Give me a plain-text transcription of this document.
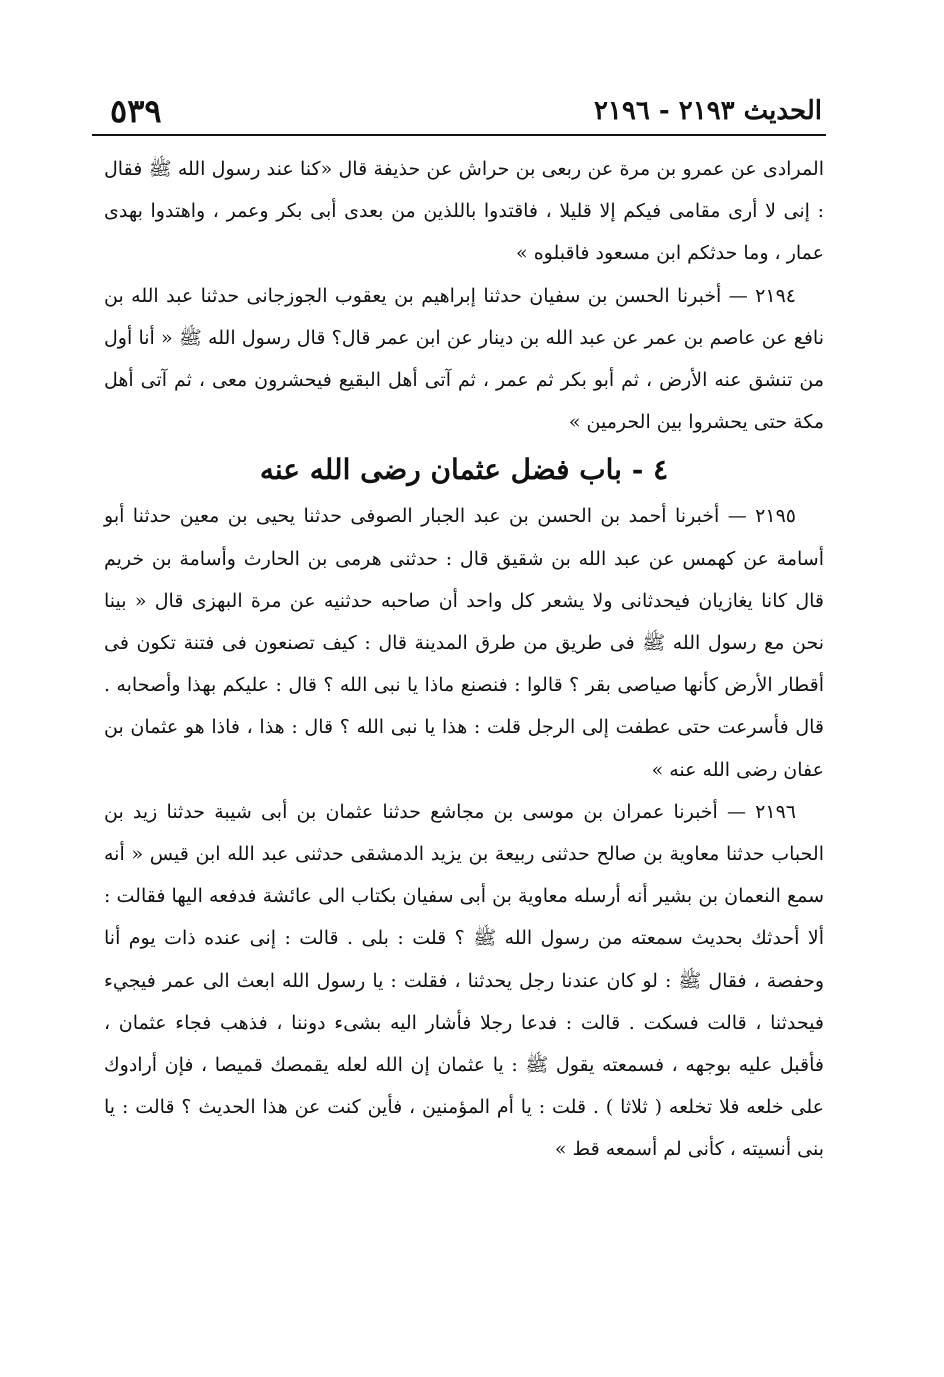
الحديث ٢١٩٣ - ٢١٩٦
٥٣٩

المرادى عن عمرو بن مرة عن ربعى بن حراش عن حذيفة قال «كنا عند رسول الله ﷺ فقال : إنى لا أرى مقامى فيكم إلا قليلا ، فاقتدوا باللذين من بعدى أبى بكر وعمر ، واهتدوا بهدى عمار ، وما حدثكم ابن مسعود فاقبلوه »

٢١٩٤ — أخبرنا الحسن بن سفيان حدثنا إبراهيم بن يعقوب الجوزجانى حدثنا عبد الله بن نافع عن عاصم بن عمر عن عبد الله بن دينار عن ابن عمر قال؟ قال رسول الله ﷺ « أنا أول من تنشق عنه الأرض ، ثم أبو بكر ثم عمر ، ثم آتى أهل البقيع فيحشرون معى ، ثم آتى أهل مكة حتى يحشروا بين الحرمين »

٤ - باب فضل عثمان رضى الله عنه

٢١٩٥ — أخبرنا أحمد بن الحسن بن عبد الجبار الصوفى حدثنا يحيى بن معين حدثنا أبو أسامة عن كهمس عن عبد الله بن شقيق قال : حدثنى هرمى بن الحارث وأسامة بن خريم قال كانا يغازيان فيحدثانى ولا يشعر كل واحد أن صاحبه حدثنيه عن مرة البهزى قال « بينا نحن مع رسول الله ﷺ فى طريق من طرق المدينة قال : كيف تصنعون فى فتنة تكون فى أقطار الأرض كأنها صياصى بقر ؟ قالوا : فنصنع ماذا يا نبى الله ؟ قال : عليكم بهذا وأصحابه . قال فأسرعت حتى عطفت إلى الرجل قلت : هذا يا نبى الله ؟ قال : هذا ، فاذا هو عثمان بن عفان رضى الله عنه »

٢١٩٦ — أخبرنا عمران بن موسى بن مجاشع حدثنا عثمان بن أبى شيبة حدثنا زيد بن الحباب حدثنا معاوية بن صالح حدثنى ربيعة بن يزيد الدمشقى حدثنى عبد الله ابن قيس « أنه سمع النعمان بن بشير أنه أرسله معاوية بن أبى سفيان بكتاب الى عائشة فدفعه اليها فقالت : ألا أحدثك بحديث سمعته من رسول الله ﷺ ؟ قلت : بلى . قالت : إنى عنده ذات يوم أنا وحفصة ، فقال ﷺ : لو كان عندنا رجل يحدثنا ، فقلت : يا رسول الله ابعث الى عمر فيجيء فيحدثنا ، قالت فسكت . قالت : فدعا رجلا فأشار اليه بشىء دوننا ، فذهب فجاء عثمان ، فأقبل عليه بوجهه ، فسمعته يقول ﷺ : يا عثمان إن الله لعله يقمصك قميصا ، فإن أرادوك على خلعه فلا تخلعه ( ثلاثا ) . قلت : يا أم المؤمنين ، فأين كنت عن هذا الحديث ؟ قالت : يا بنى أنسيته ، كأنى لم أسمعه قط »
